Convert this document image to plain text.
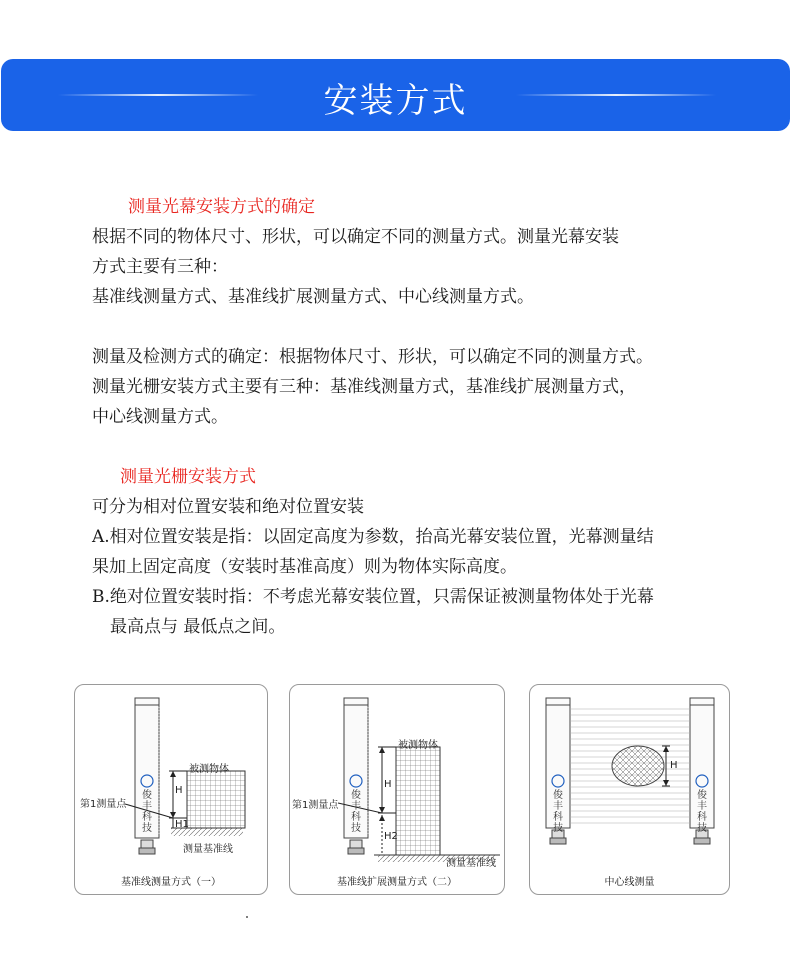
安装方式
测量光幕安装方式的确定
根据不同的物体尺寸、形状，可以确定不同的测量方式。测量光幕安装
方式主要有三种：
基准线测量方式、基准线扩展测量方式、中心线测量方式。
测量及检测方式的确定：根据物体尺寸、形状，可以确定不同的测量方式。
测量光栅安装方式主要有三种：基准线测量方式，基准线扩展测量方式，
中心线测量方式。
测量光栅安装方式
可分为相对位置安装和绝对位置安装
A.相对位置安装是指：以固定高度为参数，抬高光幕安装位置，光幕测量结
果加上固定高度（安装时基准高度）则为物体实际高度。
B.绝对位置安装时指：不考虑光幕安装位置，只需保证被测量物体处于光幕
最高点与 最低点之间。
俊丰科技
被测物体
第1测量点
H
H1
测量基准线
基准线测量方式（一）
俊丰科技
被测物体
第1测量点
H
H2
测量基准线
基准线扩展测量方式（二）
俊丰科技
俊丰科技
H
中心线测量
